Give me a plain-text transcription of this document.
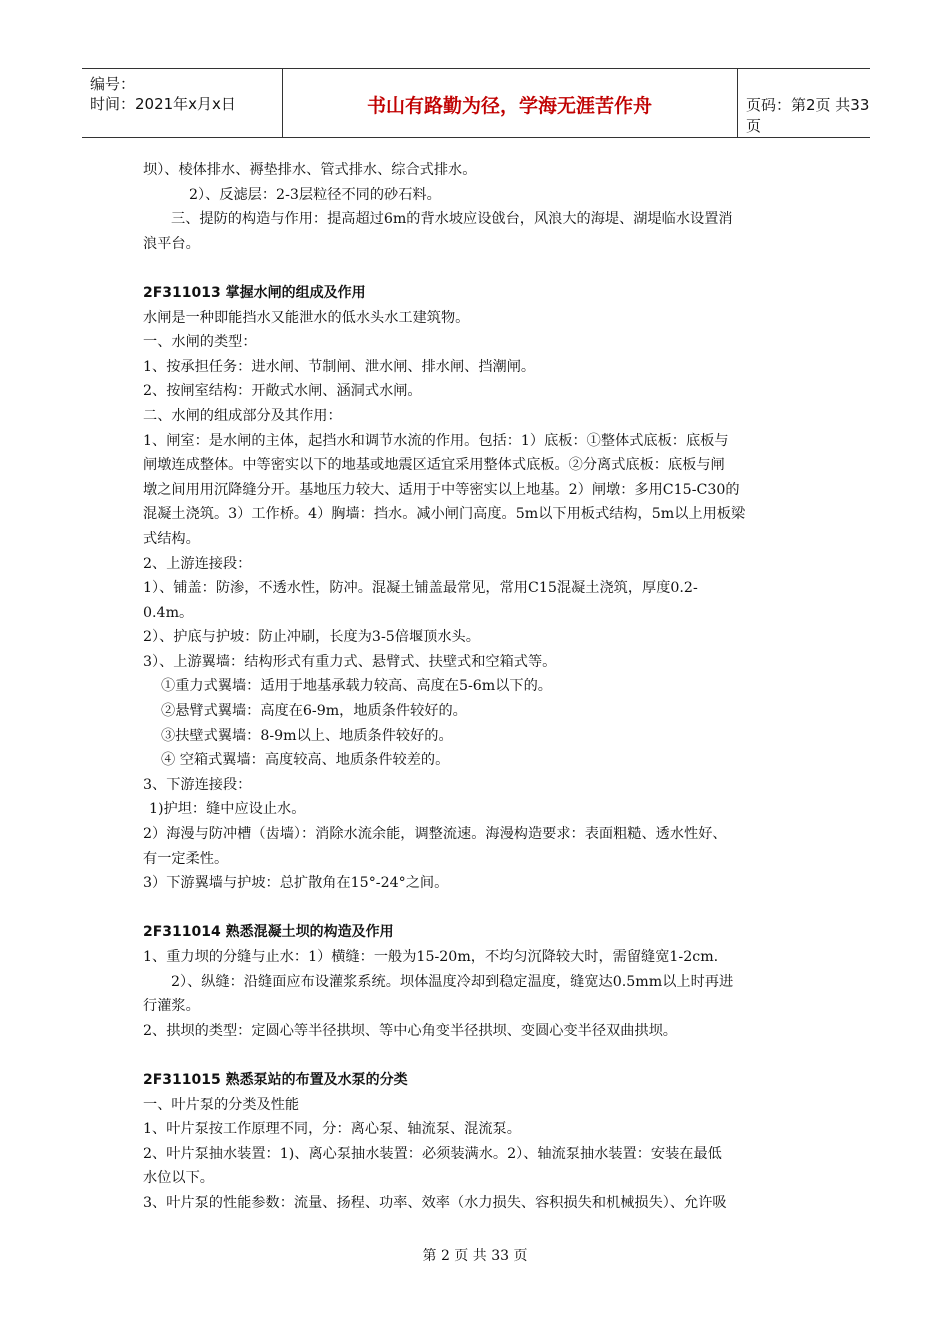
编号：
时间：2021年x月x日	书山有路勤为径，学海无涯苦作舟	页码：第2页 共33页

坝）、棱体排水、褥垫排水、管式排水、综合式排水。

2）、反滤层：2-3层粒径不同的砂石料。

三、提防的构造与作用：提高超过6m的背水坡应设戗台，风浪大的海堤、湖堤临水设置消

浪平台。

2F311013 掌握水闸的组成及作用

水闸是一种即能挡水又能泄水的低水头水工建筑物。

一、水闸的类型：

1、按承担任务：进水闸、节制闸、泄水闸、排水闸、挡潮闸。

2、按闸室结构：开敞式水闸、涵洞式水闸。

二、水闸的组成部分及其作用：

1、闸室：是水闸的主体，起挡水和调节水流的作用。包括：1）底板：①整体式底板：底板与

闸墩连成整体。中等密实以下的地基或地震区适宜采用整体式底板。②分离式底板：底板与闸

墩之间用用沉降缝分开。基地压力较大、适用于中等密实以上地基。2）闸墩：多用C15-C30的

混凝土浇筑。3）工作桥。4）胸墙：挡水。减小闸门高度。5m以下用板式结构，5m以上用板梁

式结构。

2、上游连接段：

1）、铺盖：防渗，不透水性，防冲。混凝土铺盖最常见，常用C15混凝土浇筑，厚度0.2-

0.4m。

2）、护底与护坡：防止冲刷，长度为3-5倍堰顶水头。

3）、上游翼墙：结构形式有重力式、悬臂式、扶壁式和空箱式等。

①重力式翼墙：适用于地基承载力较高、高度在5-6m以下的。

②悬臂式翼墙：高度在6-9m，地质条件较好的。

③扶壁式翼墙：8-9m以上、地质条件较好的。

④ 空箱式翼墙：高度较高、地质条件较差的。

3、下游连接段：

1)护坦：缝中应设止水。

2）海漫与防冲槽（齿墙）：消除水流余能，调整流速。海漫构造要求：表面粗糙、透水性好、

有一定柔性。

3）下游翼墙与护坡：总扩散角在15°-24°之间。

2F311014 熟悉混凝土坝的构造及作用

1、重力坝的分缝与止水：1）横缝：一般为15-20m，不均匀沉降较大时，需留缝宽1-2cm.

2）、纵缝：沿缝面应布设灌浆系统。坝体温度冷却到稳定温度，缝宽达0.5mm以上时再进

行灌浆。

2、拱坝的类型：定圆心等半径拱坝、等中心角变半径拱坝、变圆心变半径双曲拱坝。

2F311015 熟悉泵站的布置及水泵的分类

一、叶片泵的分类及性能

1、叶片泵按工作原理不同，分：离心泵、轴流泵、混流泵。

2、叶片泵抽水装置：1)、离心泵抽水装置：必须装满水。2）、轴流泵抽水装置：安装在最低

水位以下。

3、叶片泵的性能参数：流量、扬程、功率、效率（水力损失、容积损失和机械损失）、允许吸

第 2 页 共 33 页
